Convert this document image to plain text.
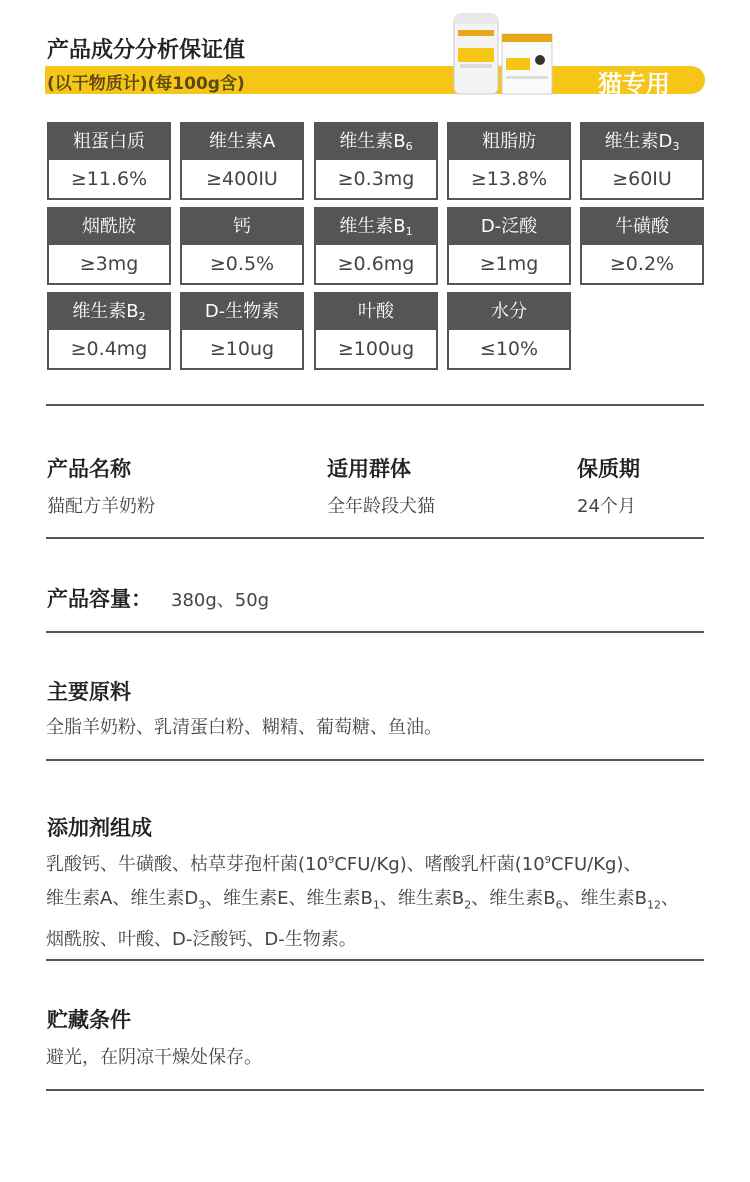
产品成分分析保证值
(以干物质计)(每100g含)	猫专用
粗蛋白质
≥11.6%
维生素A
≥400IU
维生素$B_6$
≥0.3mg
粗脂肪
≥13.8%
维生素$D_3$
≥60IU
烟酰胺
≥3mg
钙
≥0.5%
维生素$B_1$
≥0.6mg
D-泛酸
≥1mg
牛磺酸
≥0.2%
维生素$B_2$
≥0.4mg
D-生物素
≥10ug
叶酸
≥100ug
水分
≤10%
产品名称
猫配方羊奶粉
适用群体
全年龄段犬猫
保质期
24个月
产品容量： 380g、50g
主要原料
全脂羊奶粉、乳清蛋白粉、糊精、葡萄糖、鱼油。
添加剂组成
乳酸钙、牛磺酸、枯草芽孢杆菌$(10^9CFU/Kg)$、嗜酸乳杆菌$(10^9CFU/Kg)$、
维生素A、维生素$D_3$、维生素E、维生素$B_1$、维生素$B_2$、维生素$B_6$、维生素$B_{12}$、
烟酰胺、叶酸、D-泛酸钙、D-生物素。
贮藏条件
避光，在阴凉干燥处保存。
